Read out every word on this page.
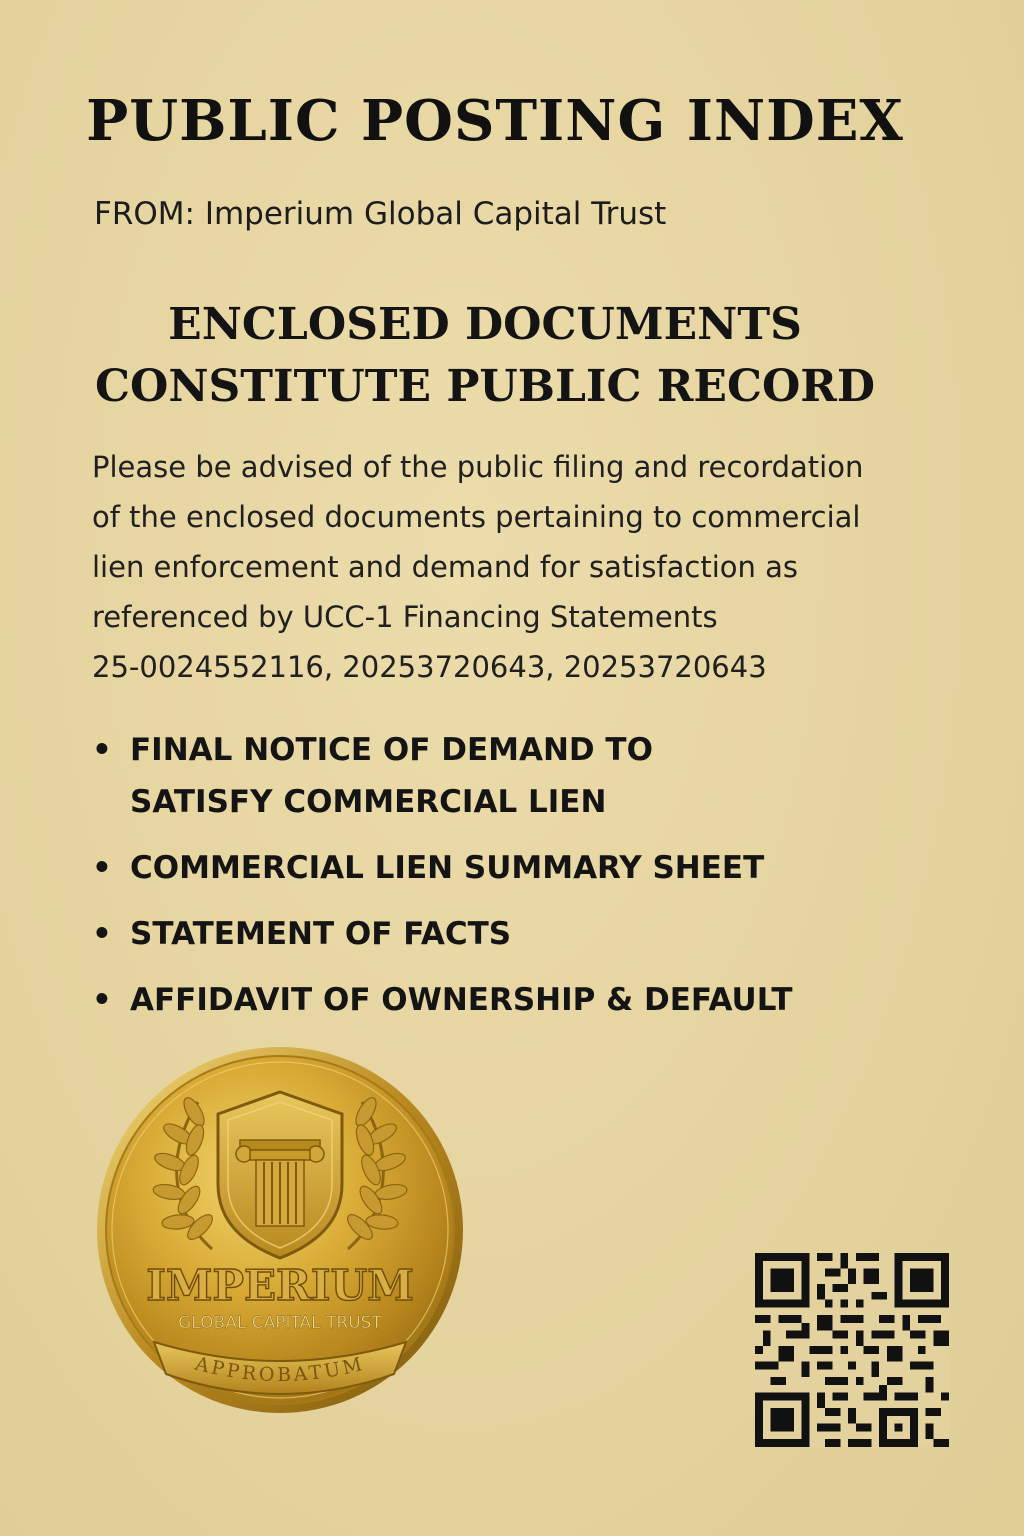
PUBLIC POSTING INDEX
FROM: Imperium Global Capital Trust
ENCLOSED DOCUMENTS
CONSTITUTE PUBLIC RECORD
Please be advised of the public filing and recordation
of the enclosed documents pertaining to commercial
lien enforcement and demand for satisfaction as
referenced by UCC-1 Financing Statements
25-0024552116, 20253720643, 20253720643
• FINAL NOTICE OF DEMAND TO
SATISFY COMMERCIAL LIEN
• COMMERCIAL LIEN SUMMARY SHEET
• STATEMENT OF FACTS
• AFFIDAVIT OF OWNERSHIP & DEFAULT
IMPERIUM
GLOBAL CAPITAL TRUST
APPROBATUM
